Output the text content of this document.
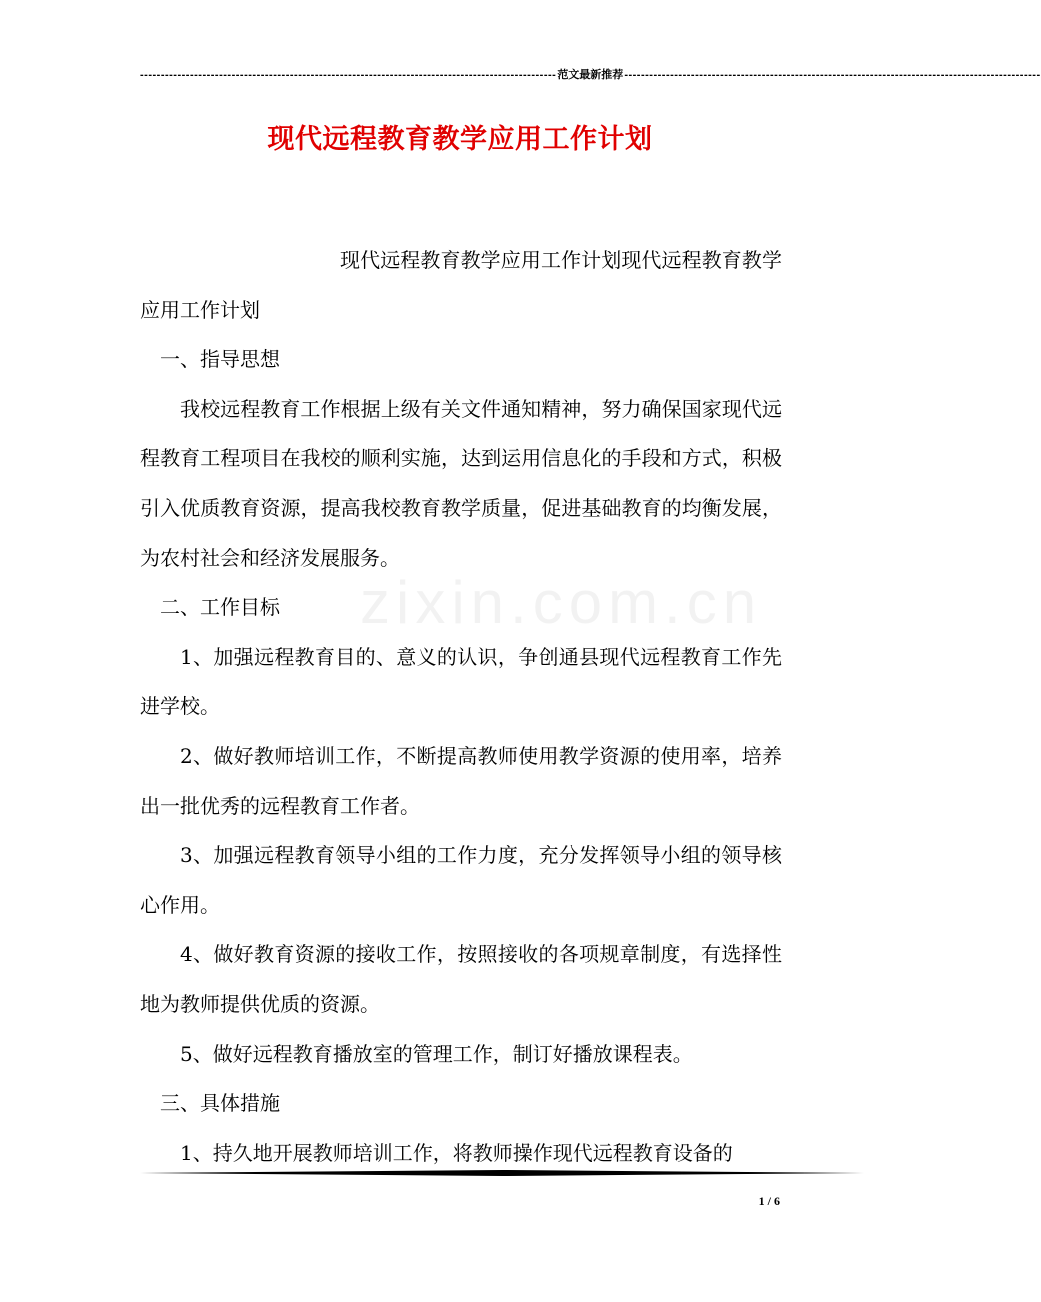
---------------------------------------------------------------------------------------------------- 范文最新推荐 ----------------------------------------------------------------------------------------------------
现代远程教育教学应用工作计划
zixin.com.cn

现代远程教育教学应用工作计划现代远程教育教学应用工作计划

一、指导思想

我校远程教育工作根据上级有关文件通知精神，努力确保国家现代远程教育工程项目在我校的顺利实施，达到运用信息化的手段和方式，积极引入优质教育资源，提高我校教育教学质量，促进基础教育的均衡发展，为农村社会和经济发展服务。

二、工作目标

1、加强远程教育目的、意义的认识，争创通县现代远程教育工作先进学校。

2、做好教师培训工作，不断提高教师使用教学资源的使用率，培养出一批优秀的远程教育工作者。

3、加强远程教育领导小组的工作力度，充分发挥领导小组的领导核心作用。

4、做好教育资源的接收工作，按照接收的各项规章制度，有选择性地为教师提供优质的资源。

5、做好远程教育播放室的管理工作，制订好播放课程表。

三、具体措施

1、持久地开展教师培训工作，将教师操作现代远程教育设备的

1 / 6
